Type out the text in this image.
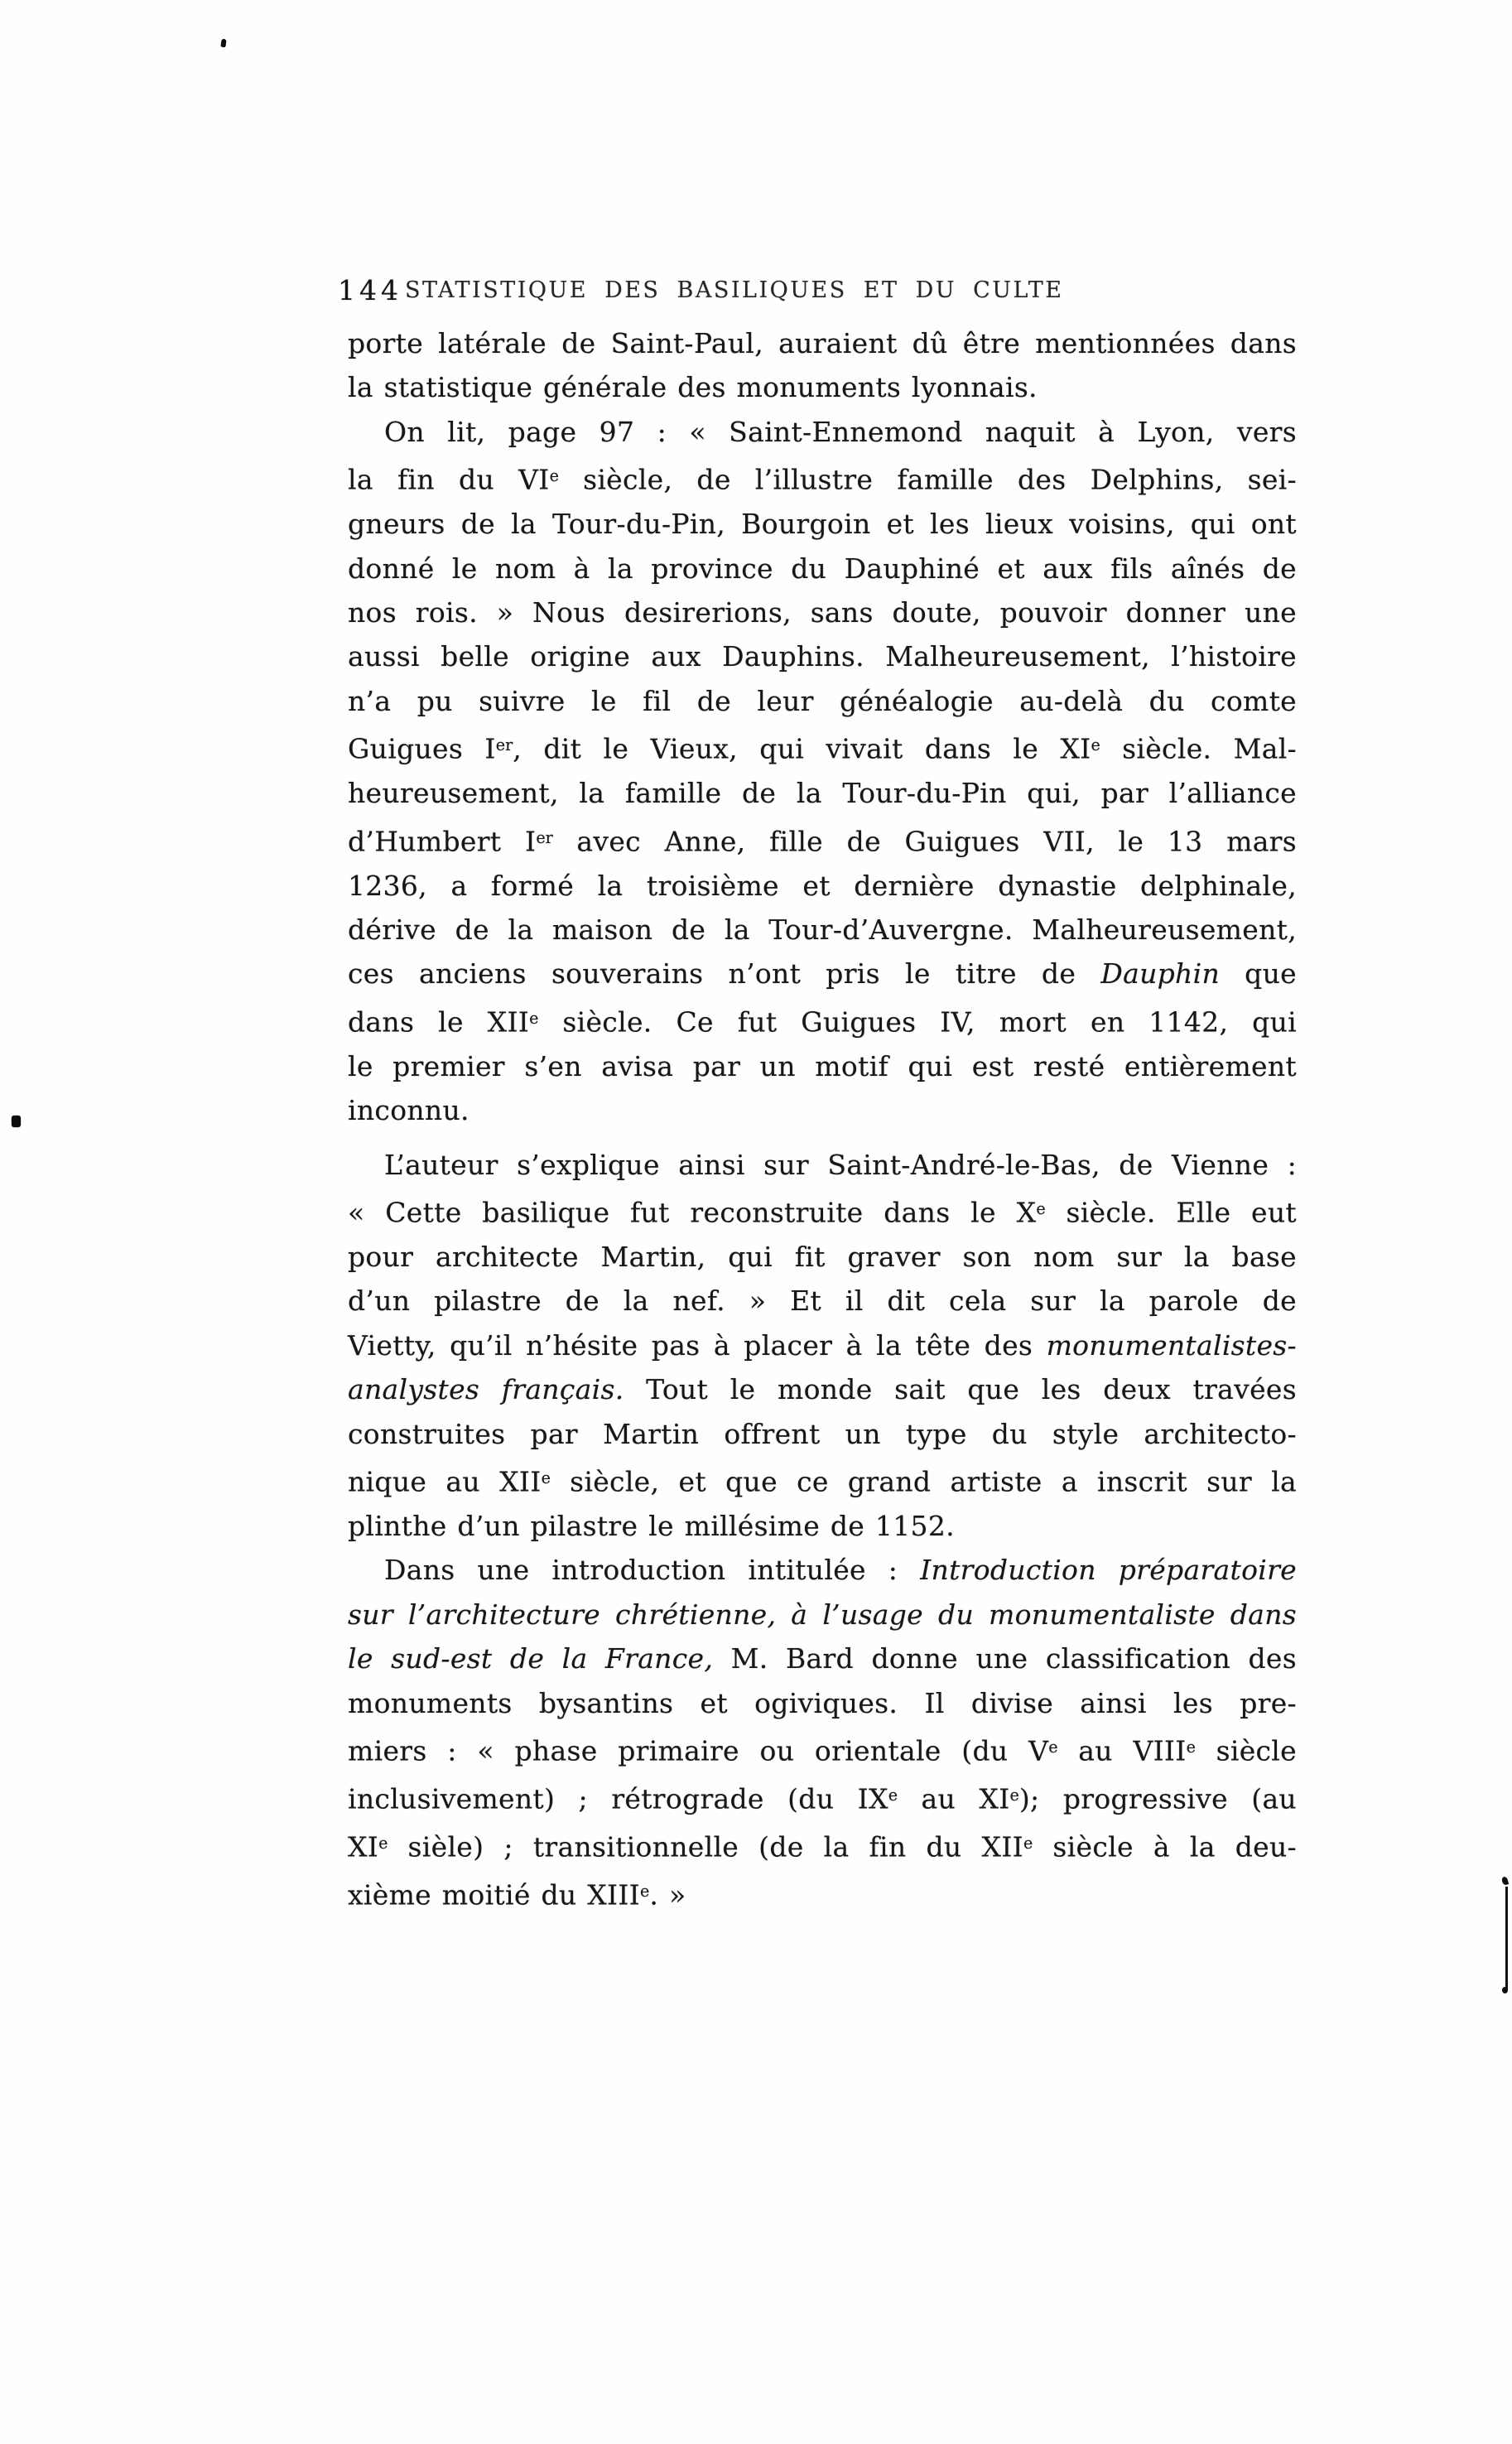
144 STATISTIQUE DES BASILIQUES ET DU CULTE
porte latérale de Saint-Paul, auraient dû être mentionnées dans
la statistique générale des monuments lyonnais.
On lit, page 97 : « Saint-Ennemond naquit à Lyon, vers
la fin du VIe siècle, de l’illustre famille des Delphins, sei-
gneurs de la Tour-du-Pin, Bourgoin et les lieux voisins, qui ont
donné le nom à la province du Dauphiné et aux fils aînés de
nos rois. » Nous desirerions, sans doute, pouvoir donner une
aussi belle origine aux Dauphins. Malheureusement, l’histoire
n’a pu suivre le fil de leur généalogie au-delà du comte
Guigues Ier, dit le Vieux, qui vivait dans le XIe siècle. Mal-
heureusement, la famille de la Tour-du-Pin qui, par l’alliance
d’Humbert Ier avec Anne, fille de Guigues VII, le 13 mars
1236, a formé la troisième et dernière dynastie delphinale,
dérive de la maison de la Tour-d’Auvergne. Malheureusement,
ces anciens souverains n’ont pris le titre de Dauphin que
dans le XIIe siècle. Ce fut Guigues IV, mort en 1142, qui
le premier s’en avisa par un motif qui est resté entièrement
inconnu.
L’auteur s’explique ainsi sur Saint-André-le-Bas, de Vienne :
« Cette basilique fut reconstruite dans le Xe siècle. Elle eut
pour architecte Martin, qui fit graver son nom sur la base
d’un pilastre de la nef. » Et il dit cela sur la parole de
Vietty, qu’il n’hésite pas à placer à la tête des monumentalistes-
analystes français. Tout le monde sait que les deux travées
construites par Martin offrent un type du style architecto-
nique au XIIe siècle, et que ce grand artiste a inscrit sur la
plinthe d’un pilastre le millésime de 1152.
Dans une introduction intitulée : Introduction préparatoire
sur l’architecture chrétienne, à l’usage du monumentaliste dans
le sud-est de la France, M. Bard donne une classification des
monuments bysantins et ogiviques. Il divise ainsi les pre-
miers : « phase primaire ou orientale (du Ve au VIIIe siècle
inclusivement) ; rétrograde (du IXe au XIe); progressive (au
XIe sièle) ; transitionnelle (de la fin du XIIe siècle à la deu-
xième moitié du XIIIe. »
